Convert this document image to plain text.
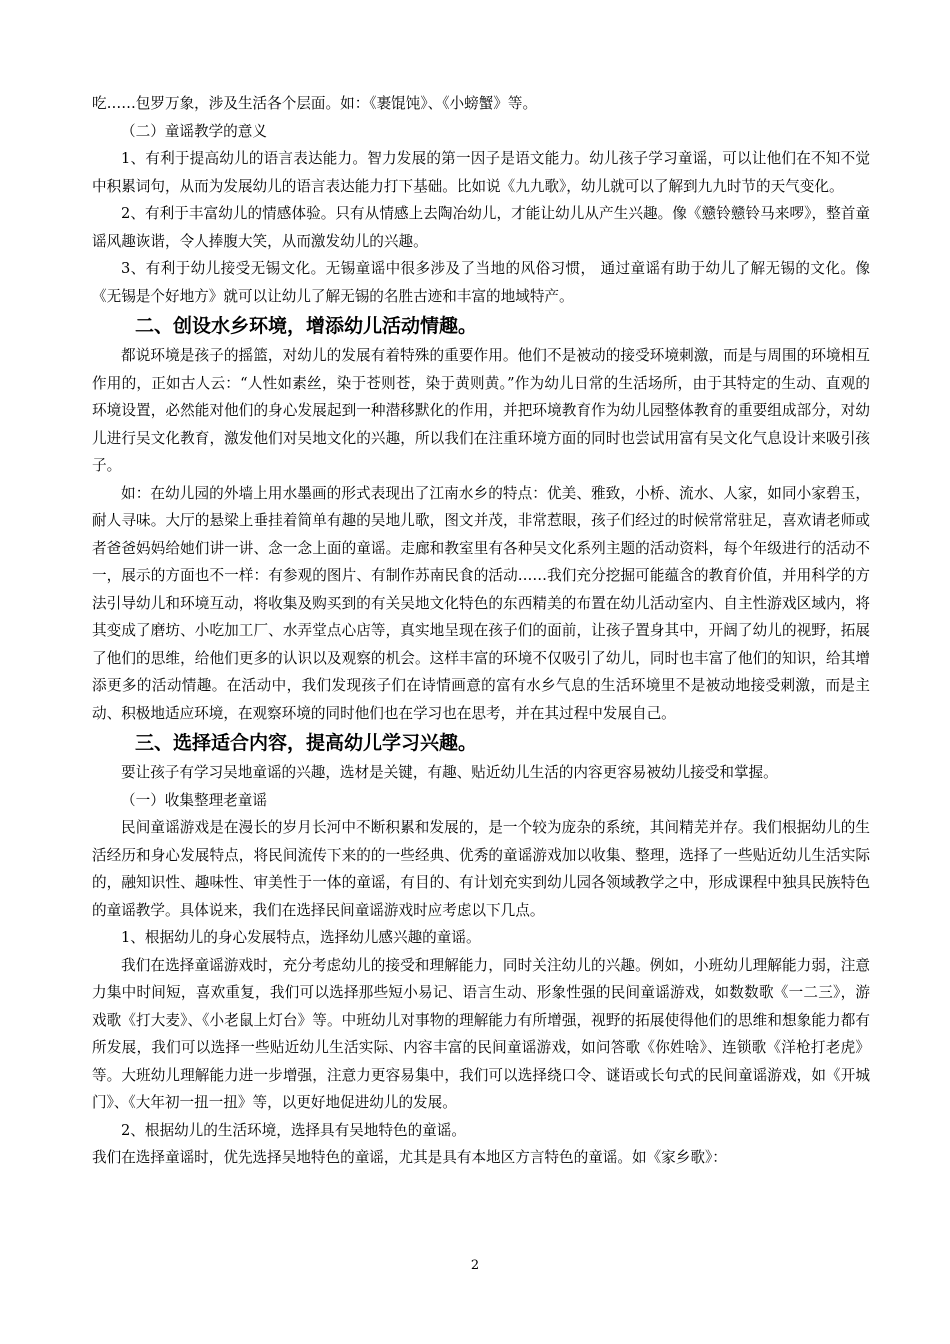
吃……包罗万象，涉及生活各个层面。如：《裹馄饨》、《小螃蟹》等。

（二）童谣教学的意义

1、有利于提高幼儿的语言表达能力。智力发展的第一因子是语文能力。幼儿孩子学习童谣，可以让他们在不知不觉中积累词句，从而为发展幼儿的语言表达能力打下基础。比如说《九九歌》，幼儿就可以了解到九九时节的天气变化。

2、有利于丰富幼儿的情感体验。只有从情感上去陶冶幼儿，才能让幼儿从产生兴趣。像《戆铃戆铃马来啰》，整首童谣风趣诙谐，令人捧腹大笑，从而激发幼儿的兴趣。

3、有利于幼儿接受无锡文化。无锡童谣中很多涉及了当地的风俗习惯， 通过童谣有助于幼儿了解无锡的文化。像《无锡是个好地方》就可以让幼儿了解无锡的名胜古迹和丰富的地域特产。

二、创设水乡环境，增添幼儿活动情趣。

都说环境是孩子的摇篮，对幼儿的发展有着特殊的重要作用。他们不是被动的接受环境刺激，而是与周围的环境相互作用的，正如古人云：“人性如素丝，染于苍则苍，染于黄则黄。”作为幼儿日常的生活场所，由于其特定的生动、直观的环境设置，必然能对他们的身心发展起到一种潜移默化的作用，并把环境教育作为幼儿园整体教育的重要组成部分，对幼儿进行吴文化教育，激发他们对吴地文化的兴趣，所以我们在注重环境方面的同时也尝试用富有吴文化气息设计来吸引孩子。

如：在幼儿园的外墙上用水墨画的形式表现出了江南水乡的特点：优美、雅致，小桥、流水、人家，如同小家碧玉，耐人寻味。大厅的悬梁上垂挂着简单有趣的吴地儿歌，图文并茂，非常惹眼，孩子们经过的时候常常驻足，喜欢请老师或者爸爸妈妈给她们讲一讲、念一念上面的童谣。走廊和教室里有各种吴文化系列主题的活动资料，每个年级进行的活动不一，展示的方面也不一样：有参观的图片、有制作苏南民食的活动……我们充分挖掘可能蕴含的教育价值，并用科学的方法引导幼儿和环境互动，将收集及购买到的有关吴地文化特色的东西精美的布置在幼儿活动室内、自主性游戏区域内，将其变成了磨坊、小吃加工厂、水弄堂点心店等，真实地呈现在孩子们的面前，让孩子置身其中，开阔了幼儿的视野，拓展了他们的思维，给他们更多的认识以及观察的机会。这样丰富的环境不仅吸引了幼儿，同时也丰富了他们的知识，给其增添更多的活动情趣。在活动中，我们发现孩子们在诗情画意的富有水乡气息的生活环境里不是被动地接受刺激，而是主动、积极地适应环境，在观察环境的同时他们也在学习也在思考，并在其过程中发展自己。

三、选择适合内容，提高幼儿学习兴趣。

要让孩子有学习吴地童谣的兴趣，选材是关键，有趣、贴近幼儿生活的内容更容易被幼儿接受和掌握。

（一）收集整理老童谣

民间童谣游戏是在漫长的岁月长河中不断积累和发展的，是一个较为庞杂的系统，其间精芜并存。我们根据幼儿的生活经历和身心发展特点，将民间流传下来的的一些经典、优秀的童谣游戏加以收集、整理，选择了一些贴近幼儿生活实际的，融知识性、趣味性、审美性于一体的童谣，有目的、有计划充实到幼儿园各领域教学之中，形成课程中独具民族特色的童谣教学。具体说来，我们在选择民间童谣游戏时应考虑以下几点。

1、根据幼儿的身心发展特点，选择幼儿感兴趣的童谣。

我们在选择童谣游戏时，充分考虑幼儿的接受和理解能力，同时关注幼儿的兴趣。例如，小班幼儿理解能力弱，注意力集中时间短，喜欢重复，我们可以选择那些短小易记、语言生动、形象性强的民间童谣游戏，如数数歌《一二三》，游戏歌《打大麦》、《小老鼠上灯台》等。中班幼儿对事物的理解能力有所增强，视野的拓展使得他们的思维和想象能力都有所发展，我们可以选择一些贴近幼儿生活实际、内容丰富的民间童谣游戏，如问答歌《你姓啥》、连锁歌《洋枪打老虎》等。大班幼儿理解能力进一步增强，注意力更容易集中，我们可以选择绕口令、谜语或长句式的民间童谣游戏，如《开城门》、《大年初一扭一扭》等，以更好地促进幼儿的发展。

2、根据幼儿的生活环境，选择具有吴地特色的童谣。

我们在选择童谣时，优先选择吴地特色的童谣，尤其是具有本地区方言特色的童谣。如《家乡歌》：

2
